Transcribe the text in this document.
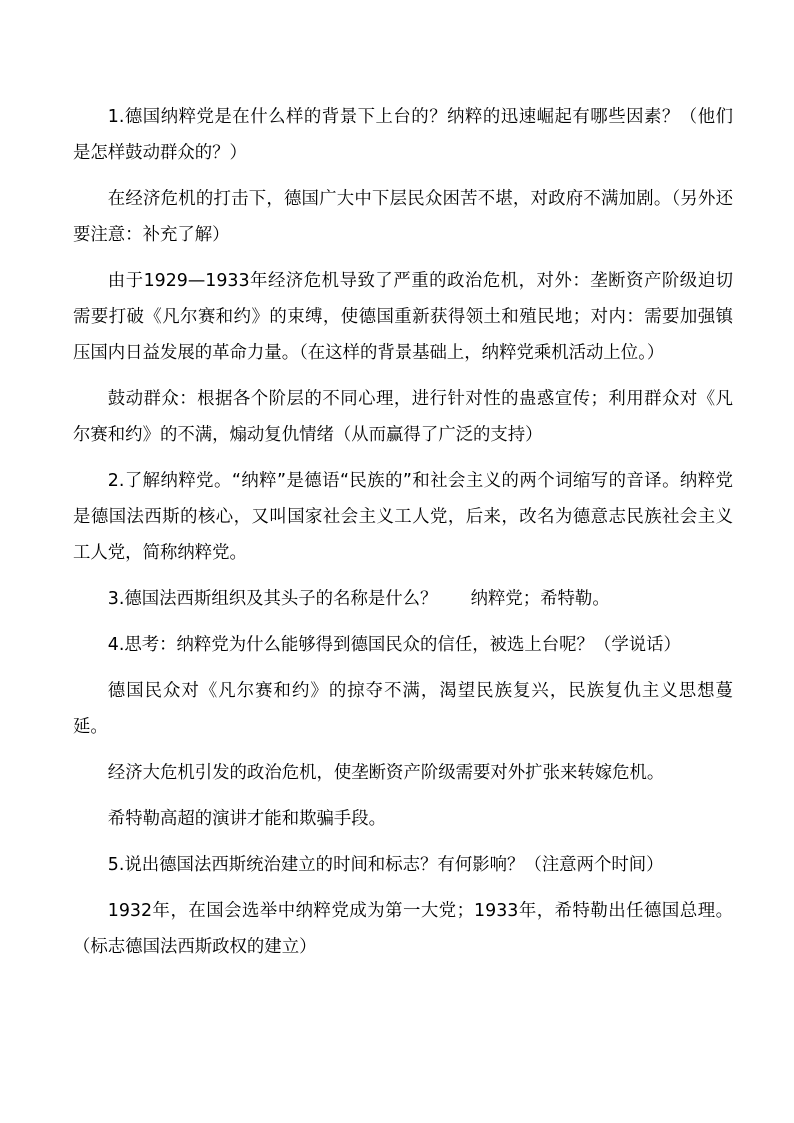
1.德国纳粹党是在什么样的背景下上台的？纳粹的迅速崛起有哪些因素？（他们是怎样鼓动群众的？）

在经济危机的打击下，德国广大中下层民众困苦不堪，对政府不满加剧。（另外还要注意：补充了解）

由于1929—1933年经济危机导致了严重的政治危机，对外：垄断资产阶级迫切需要打破《凡尔赛和约》的束缚，使德国重新获得领土和殖民地；对内：需要加强镇压国内日益发展的革命力量。（在这样的背景基础上，纳粹党乘机活动上位。）

鼓动群众：根据各个阶层的不同心理，进行针对性的蛊惑宣传；利用群众对《凡尔赛和约》的不满，煽动复仇情绪（从而赢得了广泛的支持）

2.了解纳粹党。“纳粹”是德语“民族的”和社会主义的两个词缩写的音译。纳粹党是德国法西斯的核心，又叫国家社会主义工人党，后来，改名为德意志民族社会主义工人党，简称纳粹党。

3.德国法西斯组织及其头子的名称是什么？      纳粹党；希特勒。

4.思考：纳粹党为什么能够得到德国民众的信任，被选上台呢？（学说话）

德国民众对《凡尔赛和约》的掠夺不满，渴望民族复兴，民族复仇主义思想蔓延。

经济大危机引发的政治危机，使垄断资产阶级需要对外扩张来转嫁危机。

希特勒高超的演讲才能和欺骗手段。

5.说出德国法西斯统治建立的时间和标志？有何影响？（注意两个时间）

1932年，在国会选举中纳粹党成为第一大党；1933年，希特勒出任德国总理。（标志德国法西斯政权的建立）
